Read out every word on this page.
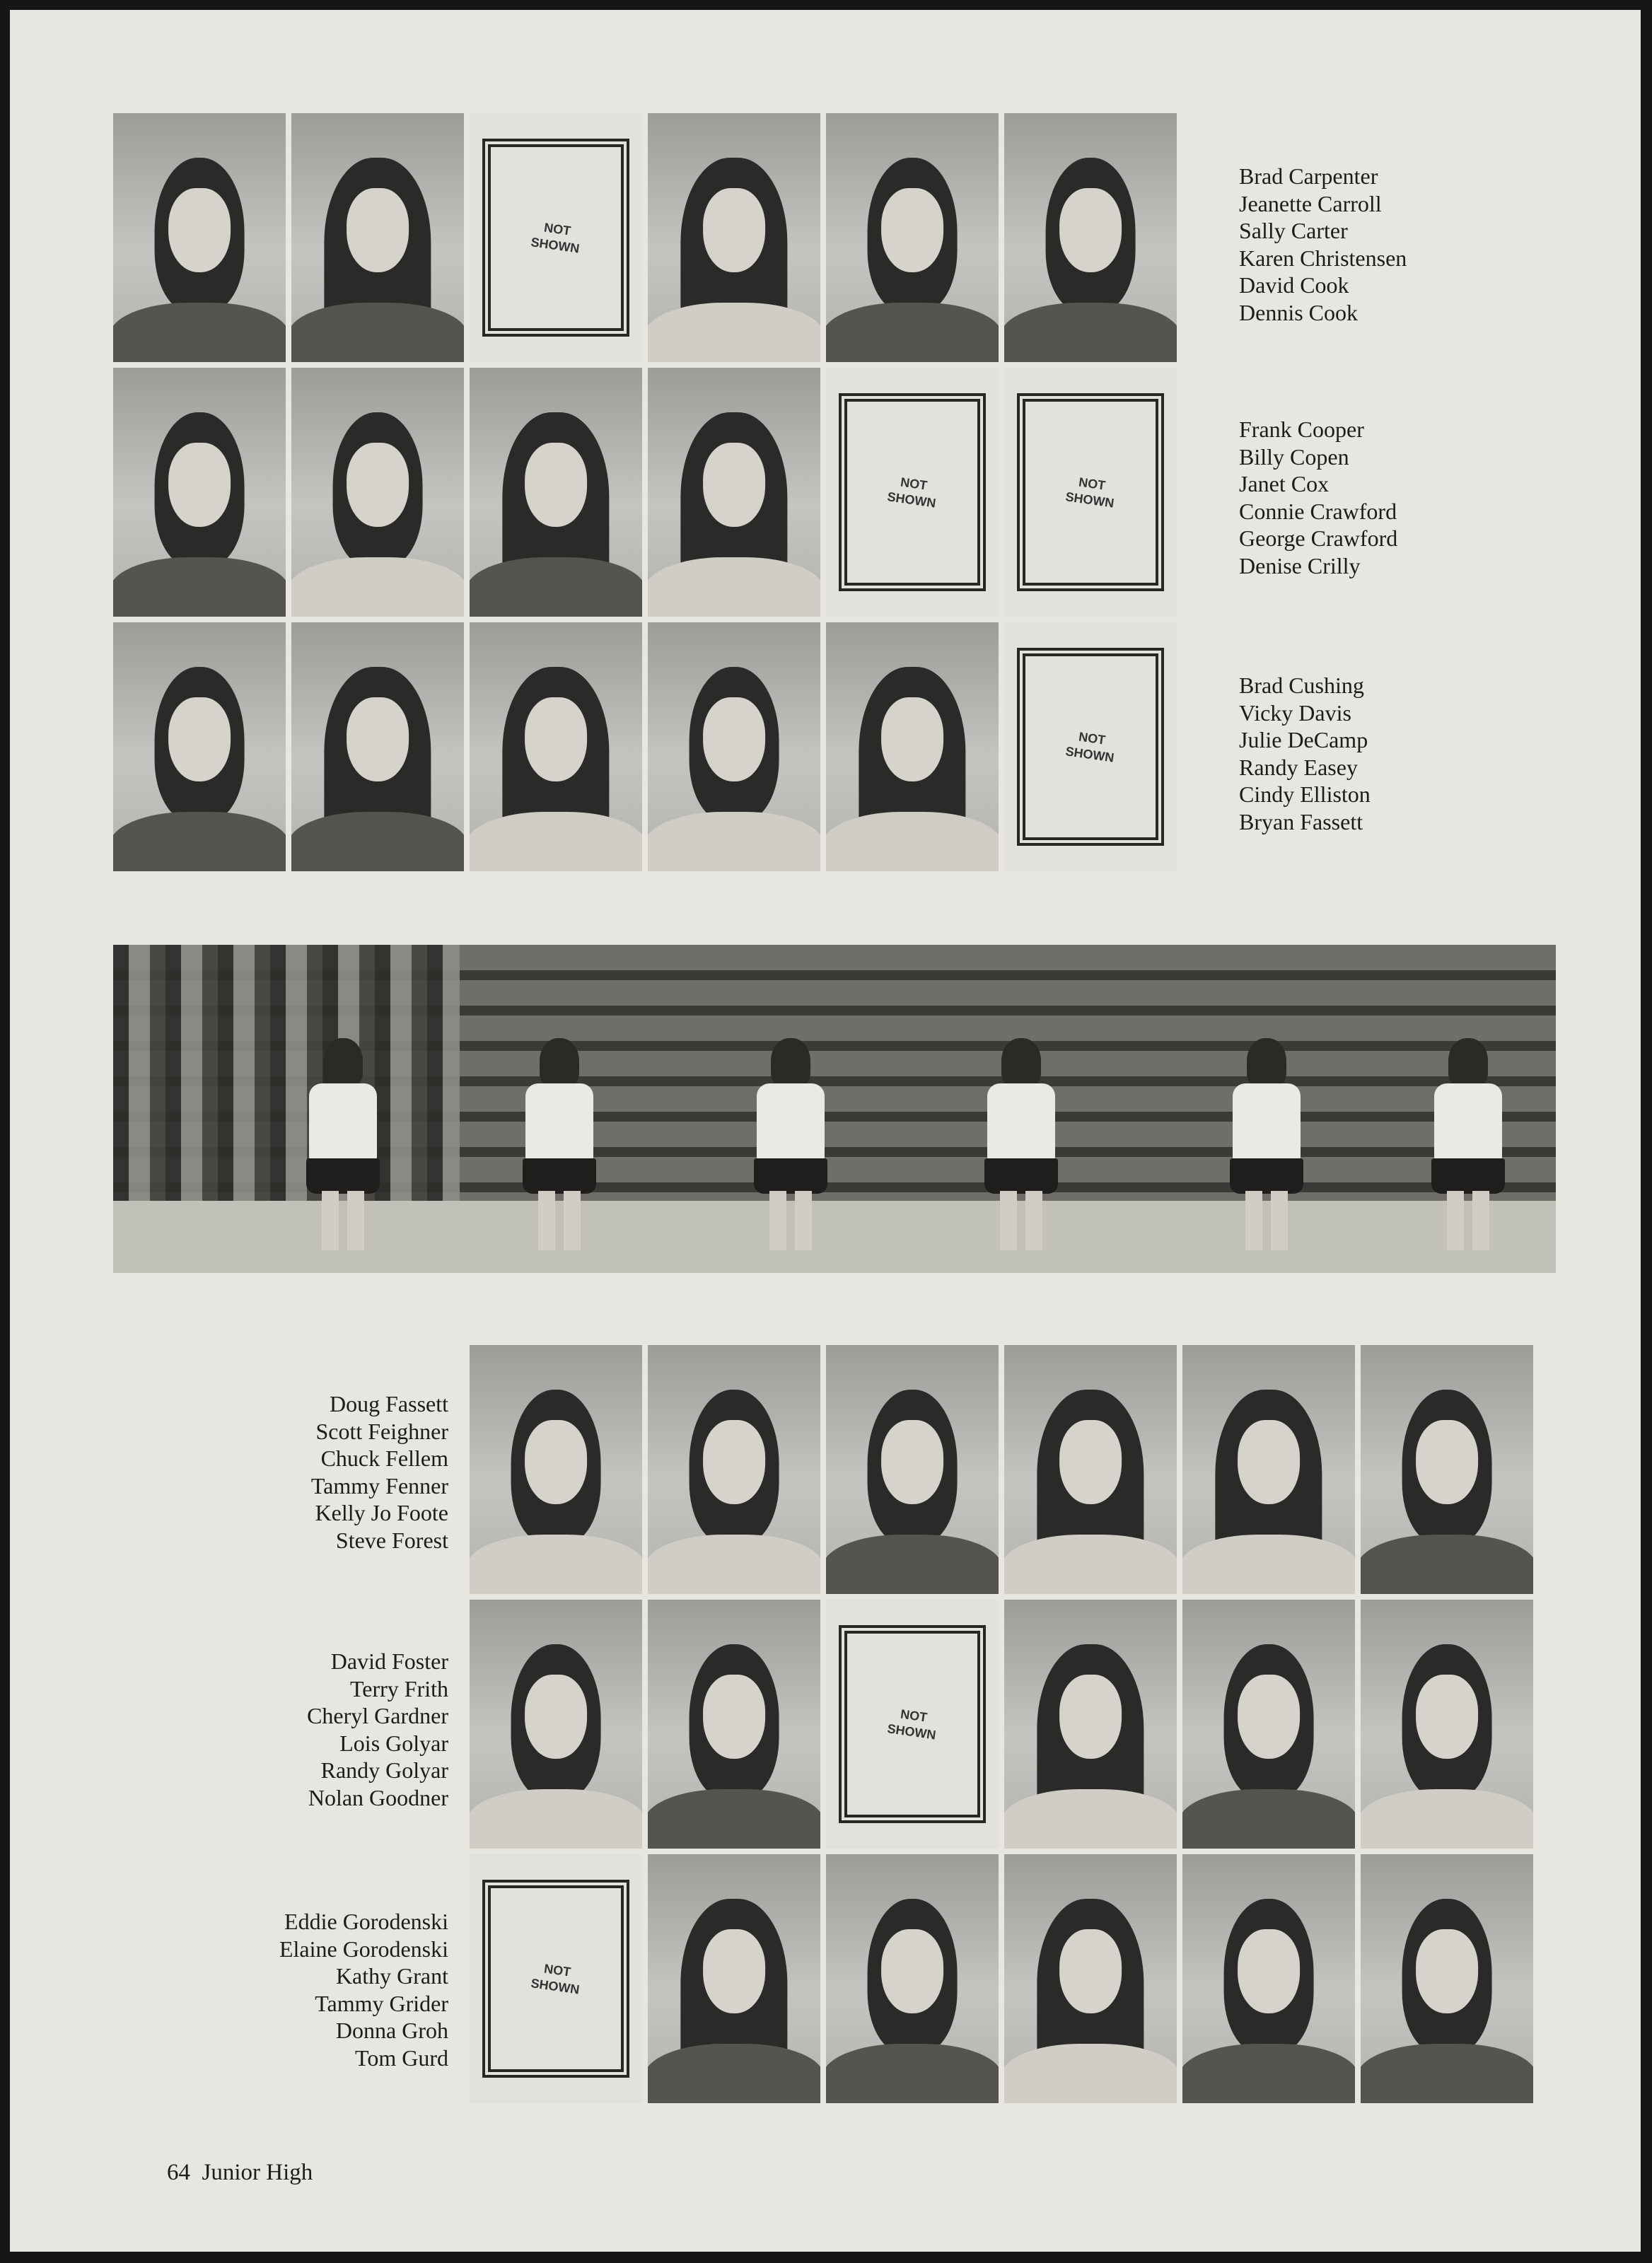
NOT
SHOWN
NOT
SHOWN
NOT
SHOWN
NOT
SHOWN
Brad Carpenter
Jeanette Carroll
Sally Carter
Karen Christensen
David Cook
Dennis Cook
Frank Cooper
Billy Copen
Janet Cox
Connie Crawford
George Crawford
Denise Crilly
Brad Cushing
Vicky Davis
Julie DeCamp
Randy Easey
Cindy Elliston
Bryan Fassett
Doug Fassett
Scott Feighner
Chuck Fellem
Tammy Fenner
Kelly Jo Foote
Steve Forest
David Foster
Terry Frith
Cheryl Gardner
Lois Golyar
Randy Golyar
Nolan Goodner
Eddie Gorodenski
Elaine Gorodenski
Kathy Grant
Tammy Grider
Donna Groh
Tom Gurd
NOT
SHOWN
NOT
SHOWN
64 Junior High
